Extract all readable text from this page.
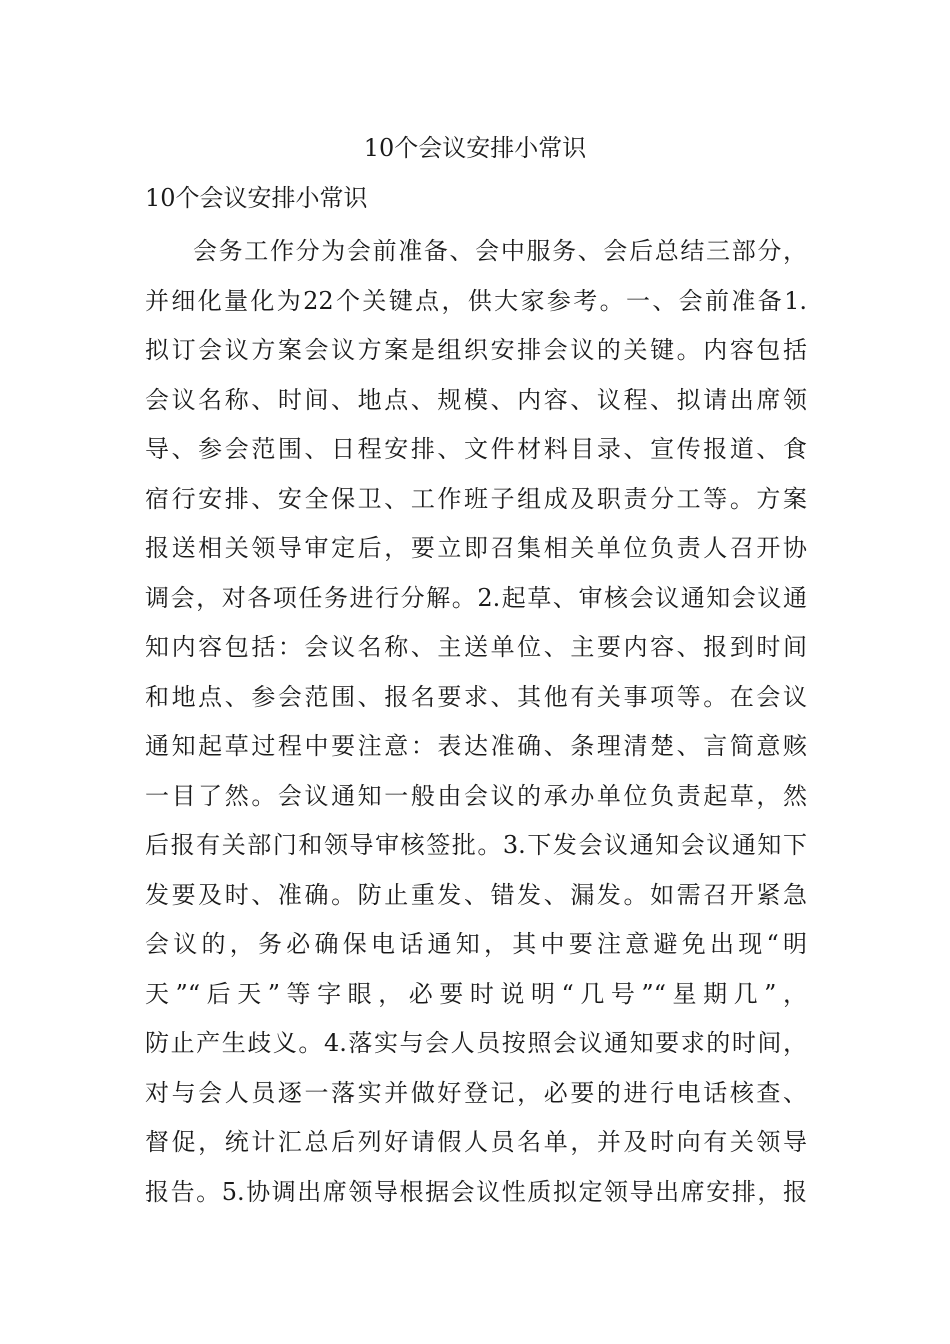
10个会议安排小常识

10个会议安排小常识

会务工作分为会前准备、会中服务、会后总结三部分，
并细化量化为22个关键点，供大家参考。一、会前准备1.
拟订会议方案会议方案是组织安排会议的关键。内容包括
会议名称、时间、地点、规模、内容、议程、拟请出席领
导、参会范围、日程安排、文件材料目录、宣传报道、食
宿行安排、安全保卫、工作班子组成及职责分工等。方案
报送相关领导审定后，要立即召集相关单位负责人召开协
调会，对各项任务进行分解。2.起草、审核会议通知会议通
知内容包括：会议名称、主送单位、主要内容、报到时间
和地点、参会范围、报名要求、其他有关事项等。在会议
通知起草过程中要注意：表达准确、条理清楚、言简意赅
一目了然。会议通知一般由会议的承办单位负责起草，然
后报有关部门和领导审核签批。3.下发会议通知会议通知下
发要及时、准确。防止重发、错发、漏发。如需召开紧急
会议的，务必确保电话通知，其中要注意避免出现“明
天”“后天”等字眼，必要时说明“几号”“星期几”，
防止产生歧义。4.落实与会人员按照会议通知要求的时间，
对与会人员逐一落实并做好登记，必要的进行电话核查、
督促，统计汇总后列好请假人员名单，并及时向有关领导
报告。5.协调出席领导根据会议性质拟定领导出席安排，报
